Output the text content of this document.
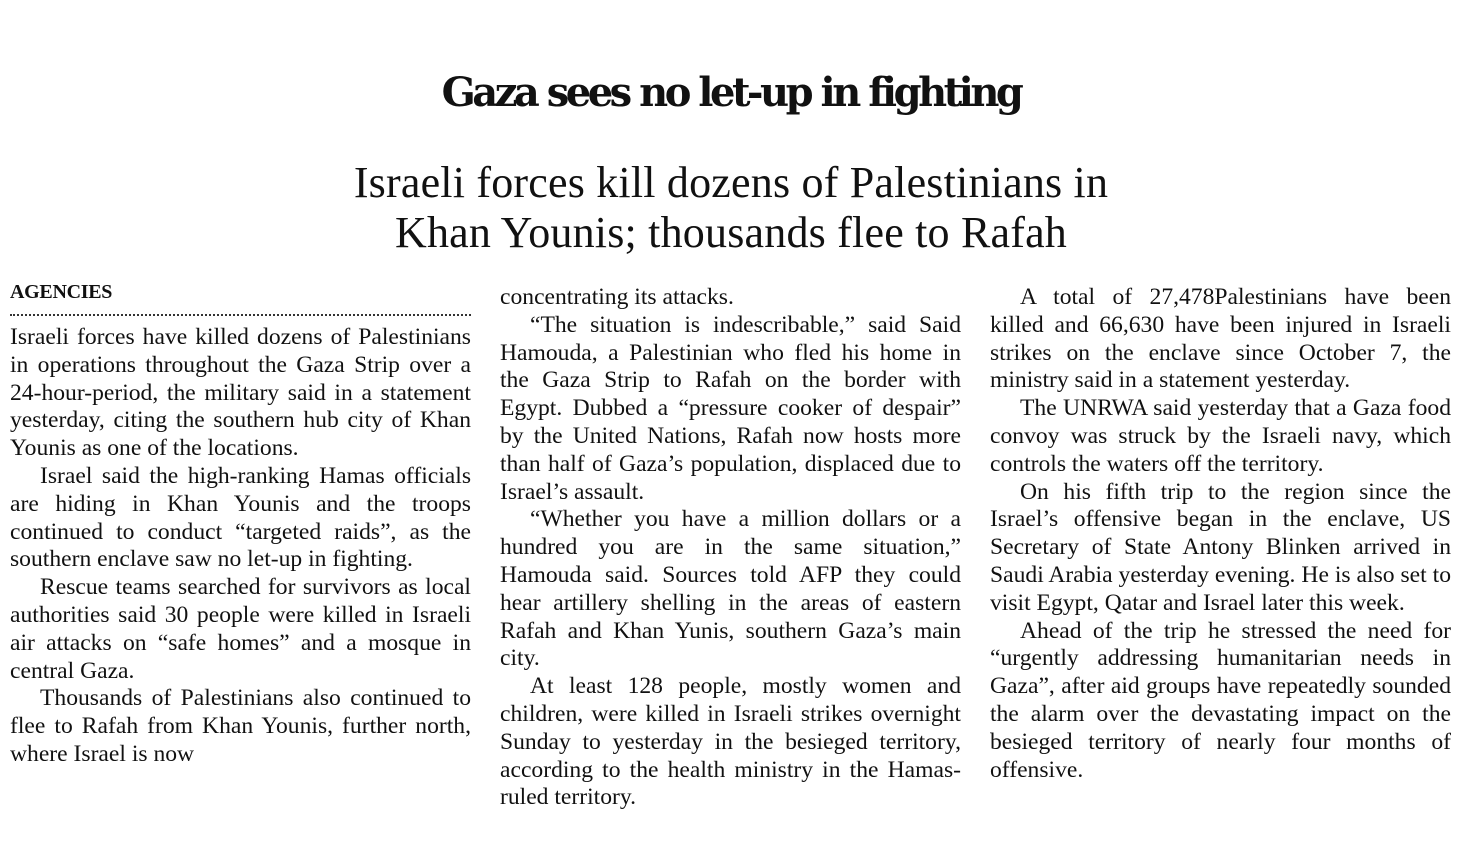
Gaza sees no let-up in fighting
Israeli forces kill dozens of Palestinians in
Khan Younis; thousands flee to Rafah
AGENCIES

Israeli forces have killed dozens of Palestinians in operations throughout the Gaza Strip over a 24-hour-period, the military said in a statement yesterday, citing the southern hub city of Khan Younis as one of the locations.

Israel said the high-ranking Hamas officials are hiding in Khan Younis and the troops continued to conduct “targeted raids”, as the southern enclave saw no let-up in fighting.

Rescue teams searched for survivors as local authorities said 30 people were killed in Israeli air attacks on “safe homes” and a mosque in central Gaza.

Thousands of Palestinians also continued to flee to Rafah from Khan Younis, further north, where Israel is now

concentrating its attacks.

“The situation is indescribable,” said Said Hamouda, a Palestinian who fled his home in the Gaza Strip to Rafah on the border with Egypt. Dubbed a “pressure cooker of despair” by the United Nations, Rafah now hosts more than half of Gaza’s population, displaced due to Israel’s assault.

“Whether you have a million dollars or a hundred you are in the same situation,” Hamouda said. Sources told AFP they could hear artillery shelling in the areas of eastern Rafah and Khan Yunis, southern Gaza’s main city.

At least 128 people, mostly women and children, were killed in Israeli strikes overnight Sunday to yesterday in the besieged territory, according to the health ministry in the Hamas-ruled territory.

A total of 27,478Palestinians have been killed and 66,630 have been injured in Israeli strikes on the enclave since October 7, the ministry said in a statement yesterday.

The UNRWA said yesterday that a Gaza food convoy was struck by the Israeli navy, which controls the waters off the territory.

On his fifth trip to the region since the Israel’s offensive began in the enclave, US Secretary of State Antony Blinken arrived in Saudi Arabia yesterday evening. He is also set to visit Egypt, Qatar and Israel later this week.

Ahead of the trip he stressed the need for “urgently addressing humanitarian needs in Gaza”, after aid groups have repeatedly sounded the alarm over the devastating impact on the besieged territory of nearly four months of offensive.
